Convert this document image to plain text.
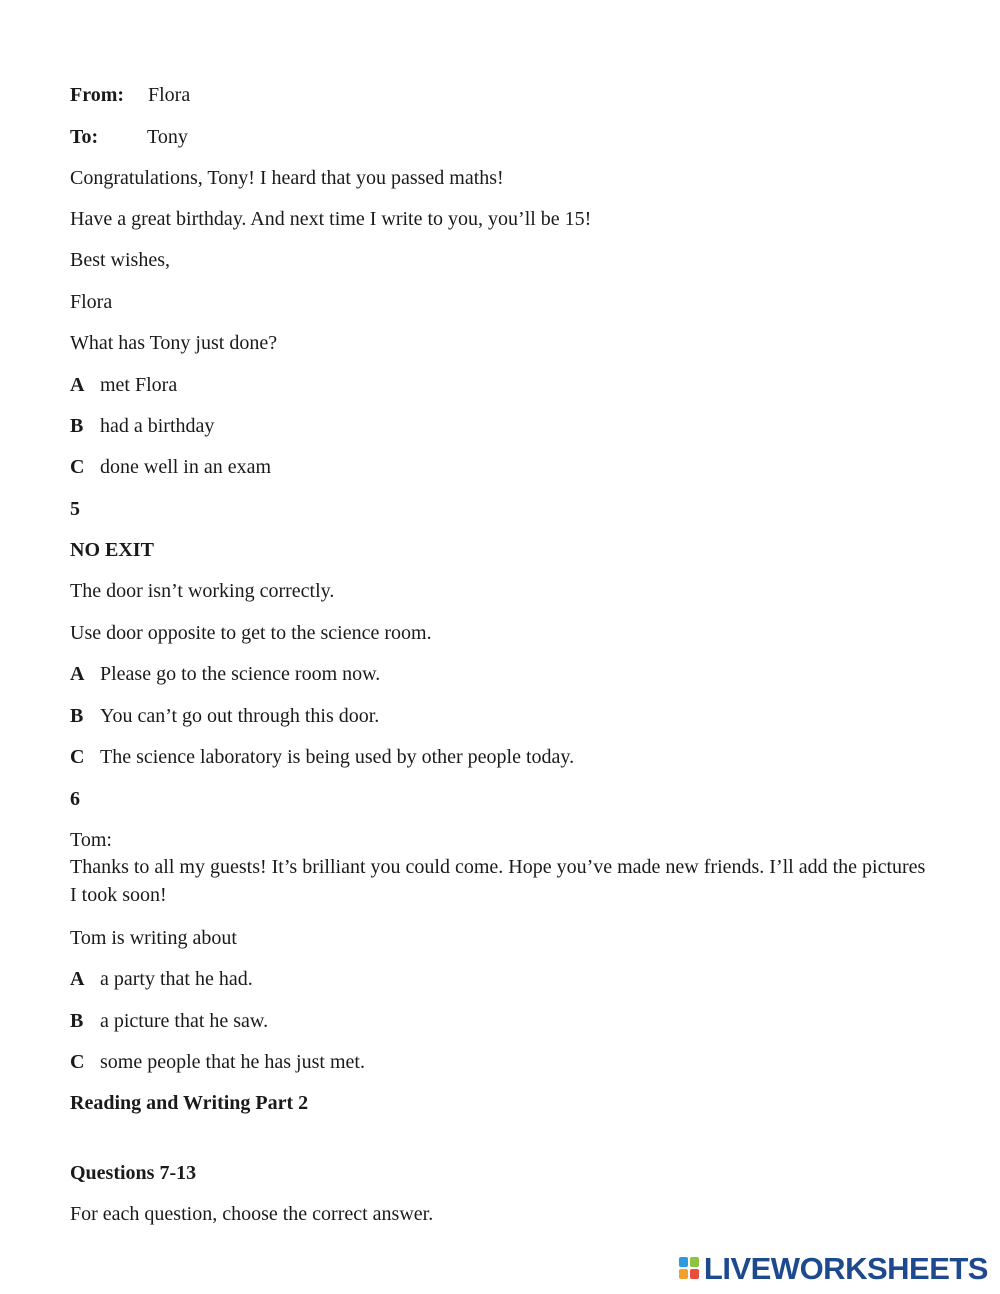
From: Flora
To: Tony
Congratulations, Tony! I heard that you passed maths!
Have a great birthday. And next time I write to you, you’ll be 15!
Best wishes,
Flora
What has Tony just done?
A met Flora
B had a birthday
C done well in an exam
5
NO EXIT
The door isn’t working correctly.
Use door opposite to get to the science room.
A Please go to the science room now.
B You can’t go out through this door.
C The science laboratory is being used by other people today.
6
Tom:
Thanks to all my guests! It’s brilliant you could come. Hope you’ve made new friends. I’ll add the pictures I took soon!
Tom is writing about
A a party that he had.
B a picture that he saw.
C some people that he has just met.
Reading and Writing Part 2
Questions 7-13
For each question, choose the correct answer.
LIVEWORKSHEETS
